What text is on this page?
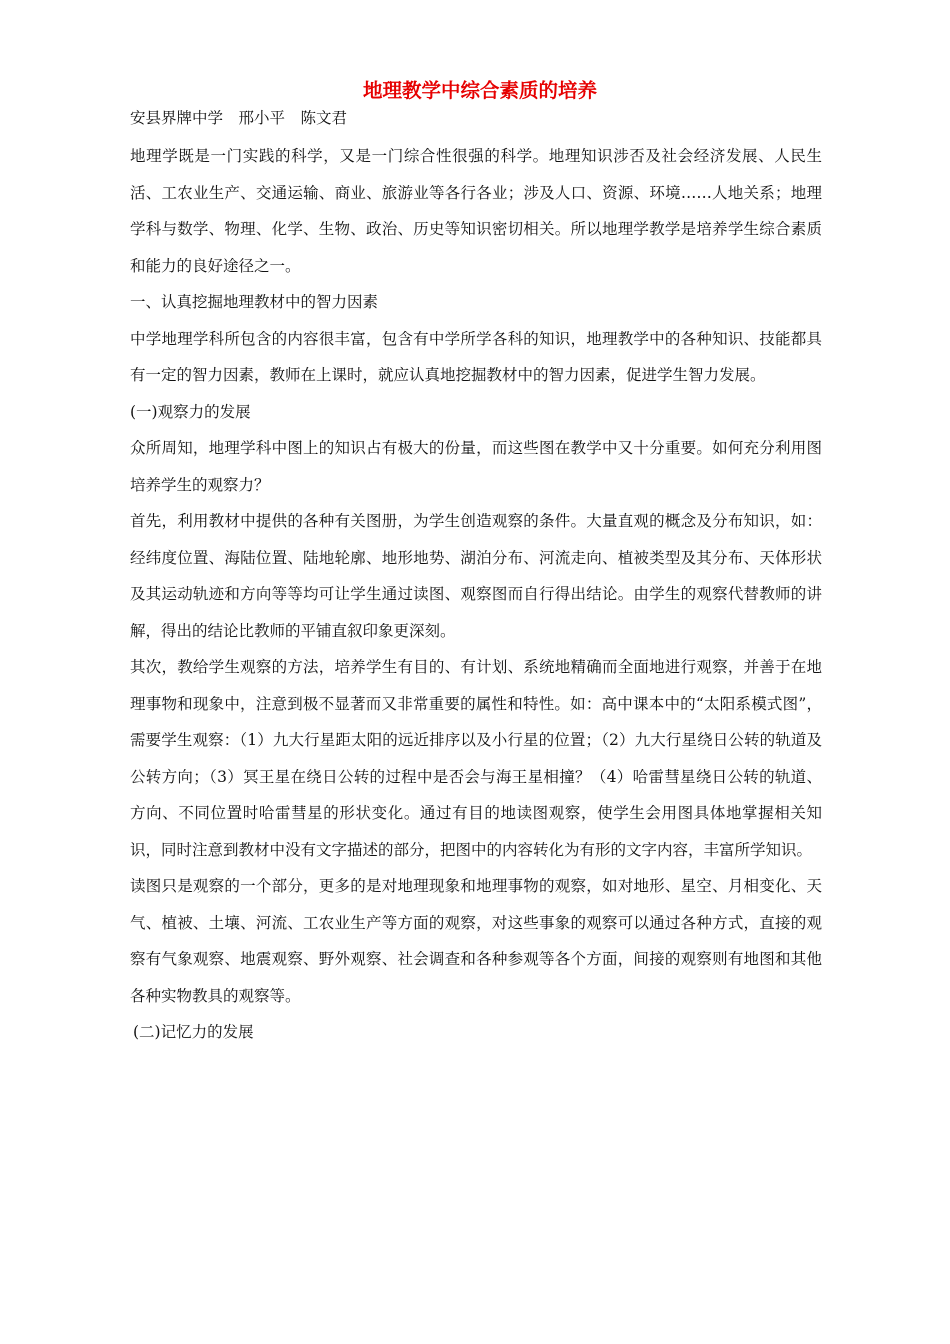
地理教学中综合素质的培养

安县界牌中学　邢小平　陈文君

地理学既是一门实践的科学，又是一门综合性很强的科学。地理知识涉否及社会经济发展、人民生活、工农业生产、交通运输、商业、旅游业等各行各业；涉及人口、资源、环境……人地关系；地理学科与数学、物理、化学、生物、政治、历史等知识密切相关。所以地理学教学是培养学生综合素质和能力的良好途径之一。

一、认真挖掘地理教材中的智力因素

中学地理学科所包含的内容很丰富，包含有中学所学各科的知识，地理教学中的各种知识、技能都具有一定的智力因素，教师在上课时，就应认真地挖掘教材中的智力因素，促进学生智力发展。

(一)观察力的发展

众所周知，地理学科中图上的知识占有极大的份量，而这些图在教学中又十分重要。如何充分利用图培养学生的观察力？

首先，利用教材中提供的各种有关图册，为学生创造观察的条件。大量直观的概念及分布知识，如：经纬度位置、海陆位置、陆地轮廓、地形地势、湖泊分布、河流走向、植被类型及其分布、天体形状及其运动轨迹和方向等等均可让学生通过读图、观察图而自行得出结论。由学生的观察代替教师的讲解，得出的结论比教师的平铺直叙印象更深刻。

其次，教给学生观察的方法，培养学生有目的、有计划、系统地精确而全面地进行观察，并善于在地理事物和现象中，注意到极不显著而又非常重要的属性和特性。如：高中课本中的“太阳系模式图”，需要学生观察：（1）九大行星距太阳的远近排序以及小行星的位置；（2）九大行星绕日公转的轨道及公转方向；（3）冥王星在绕日公转的过程中是否会与海王星相撞？（4）哈雷彗星绕日公转的轨道、方向、不同位置时哈雷彗星的形状变化。通过有目的地读图观察，使学生会用图具体地掌握相关知识，同时注意到教材中没有文字描述的部分，把图中的内容转化为有形的文字内容，丰富所学知识。

读图只是观察的一个部分，更多的是对地理现象和地理事物的观察，如对地形、星空、月相变化、天气、植被、土壤、河流、工农业生产等方面的观察，对这些事象的观察可以通过各种方式，直接的观察有气象观察、地震观察、野外观察、社会调查和各种参观等各个方面，间接的观察则有地图和其他各种实物教具的观察等。

(二)记忆力的发展
